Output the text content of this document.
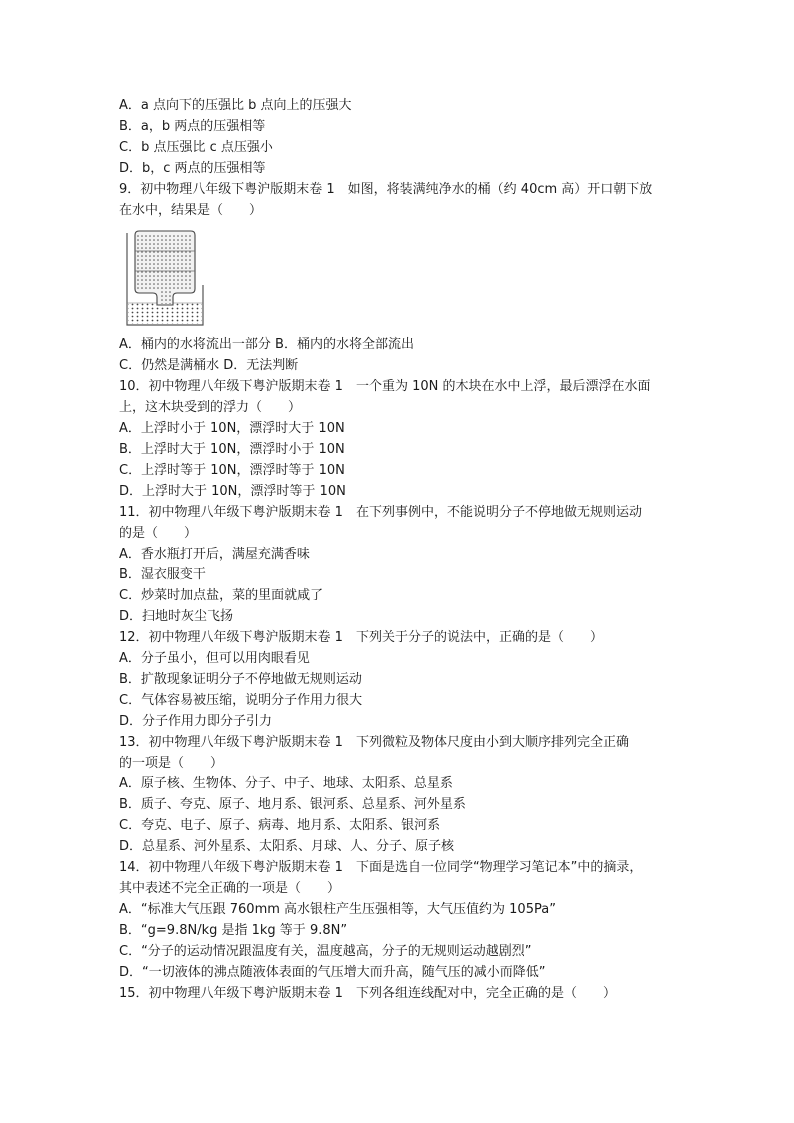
A．a 点向下的压强比 b 点向上的压强大
B．a，b 两点的压强相等
C．b 点压强比 c 点压强小
D．b，c 两点的压强相等
9．初中物理八年级下粤沪版期末卷 1　如图，将装满纯净水的桶（约 40cm 高）开口朝下放
在水中，结果是（　　）
A．桶内的水将流出一部分 B．桶内的水将全部流出
C．仍然是满桶水 D．无法判断
10．初中物理八年级下粤沪版期末卷 1　一个重为 10N 的木块在水中上浮，最后漂浮在水面
上，这木块受到的浮力（　　）
A．上浮时小于 10N，漂浮时大于 10N
B．上浮时大于 10N，漂浮时小于 10N
C．上浮时等于 10N，漂浮时等于 10N
D．上浮时大于 10N，漂浮时等于 10N
11．初中物理八年级下粤沪版期末卷 1　在下列事例中，不能说明分子不停地做无规则运动
的是（　　）
A．香水瓶打开后，满屋充满香味
B．湿衣服变干
C．炒菜时加点盐，菜的里面就咸了
D．扫地时灰尘飞扬
12．初中物理八年级下粤沪版期末卷 1　下列关于分子的说法中，正确的是（　　）
A．分子虽小，但可以用肉眼看见
B．扩散现象证明分子不停地做无规则运动
C．气体容易被压缩，说明分子作用力很大
D．分子作用力即分子引力
13．初中物理八年级下粤沪版期末卷 1　下列微粒及物体尺度由小到大顺序排列完全正确
的一项是（　　）
A．原子核、生物体、分子、中子、地球、太阳系、总星系
B．质子、夸克、原子、地月系、银河系、总星系、河外星系
C．夸克、电子、原子、病毒、地月系、太阳系、银河系
D．总星系、河外星系、太阳系、月球、人、分子、原子核
14．初中物理八年级下粤沪版期末卷 1　下面是选自一位同学“物理学习笔记本”中的摘录，
其中表述不完全正确的一项是（　　）
A．“标准大气压跟 760mm 高水银柱产生压强相等，大气压值约为 105Pa”
B．“g=9.8N/kg 是指 1kg 等于 9.8N”
C．“分子的运动情况跟温度有关，温度越高，分子的无规则运动越剧烈”
D．“一切液体的沸点随液体表面的气压增大而升高，随气压的减小而降低”
15．初中物理八年级下粤沪版期末卷 1　下列各组连线配对中，完全正确的是（　　）
